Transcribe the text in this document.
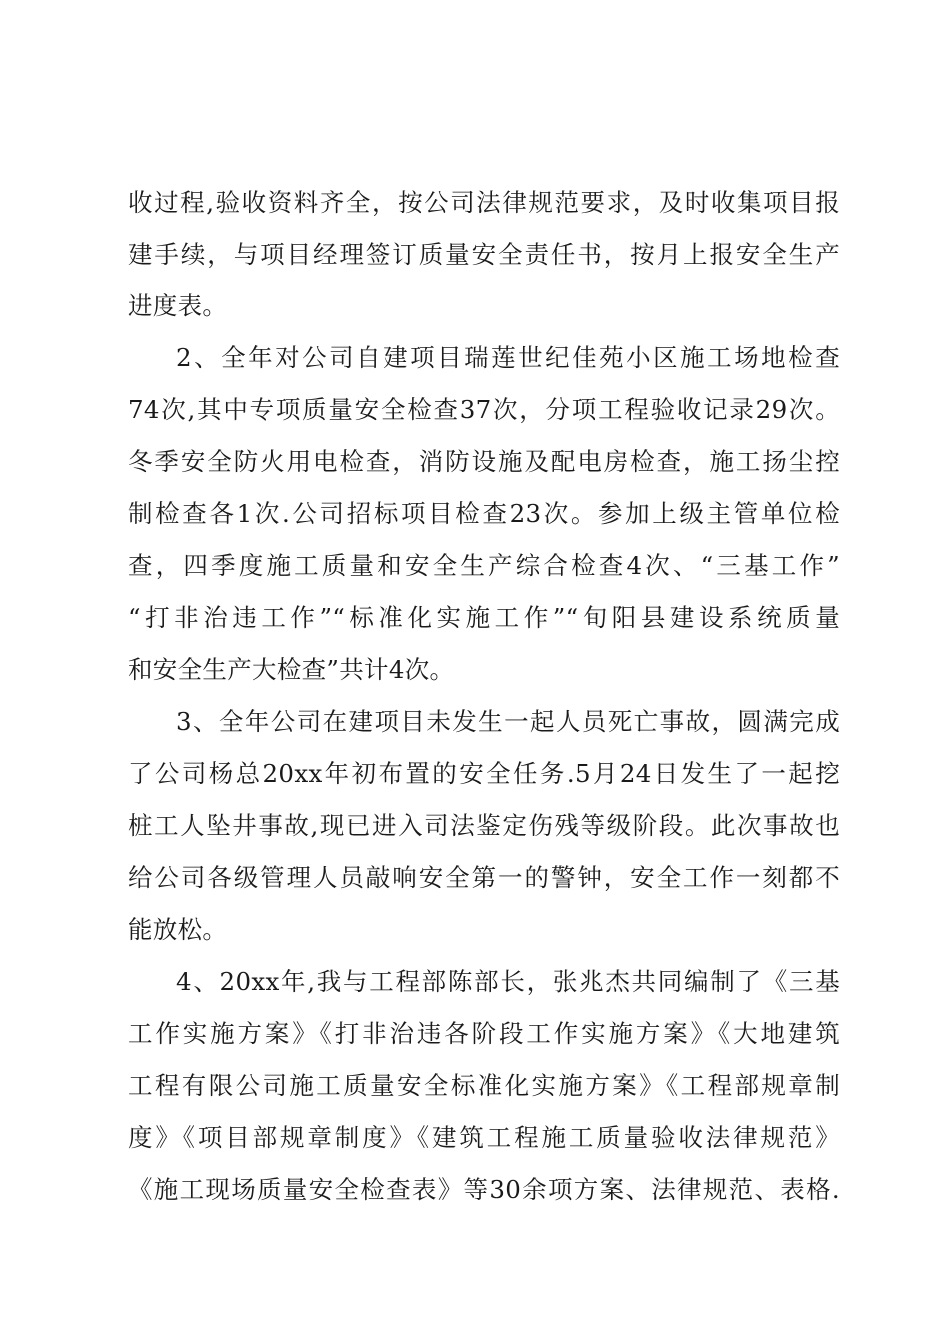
收过程,验收资料齐全，按公司法律规范要求，及时收集项目报
建手续，与项目经理签订质量安全责任书，按月上报安全生产
进度表。
2、全年对公司自建项目瑞莲世纪佳苑小区施工场地检查
74次,其中专项质量安全检查37次，分项工程验收记录29次。
冬季安全防火用电检查，消防设施及配电房检查，施工扬尘控
制检查各1次.公司招标项目检查23次。参加上级主管单位检
查，四季度施工质量和安全生产综合检查4次、“三基工作”
“打非治违工作”“标准化实施工作”“旬阳县建设系统质量
和安全生产大检查”共计4次。
3、全年公司在建项目未发生一起人员死亡事故，圆满完成
了公司杨总20xx年初布置的安全任务.5月24日发生了一起挖
桩工人坠井事故,现已进入司法鉴定伤残等级阶段。此次事故也
给公司各级管理人员敲响安全第一的警钟，安全工作一刻都不
能放松。
4、20xx年,我与工程部陈部长，张兆杰共同编制了《三基
工作实施方案》《打非治违各阶段工作实施方案》《大地建筑
工程有限公司施工质量安全标准化实施方案》《工程部规章制
度》《项目部规章制度》《建筑工程施工质量验收法律规范》
《施工现场质量安全检查表》等30余项方案、法律规范、表格.
